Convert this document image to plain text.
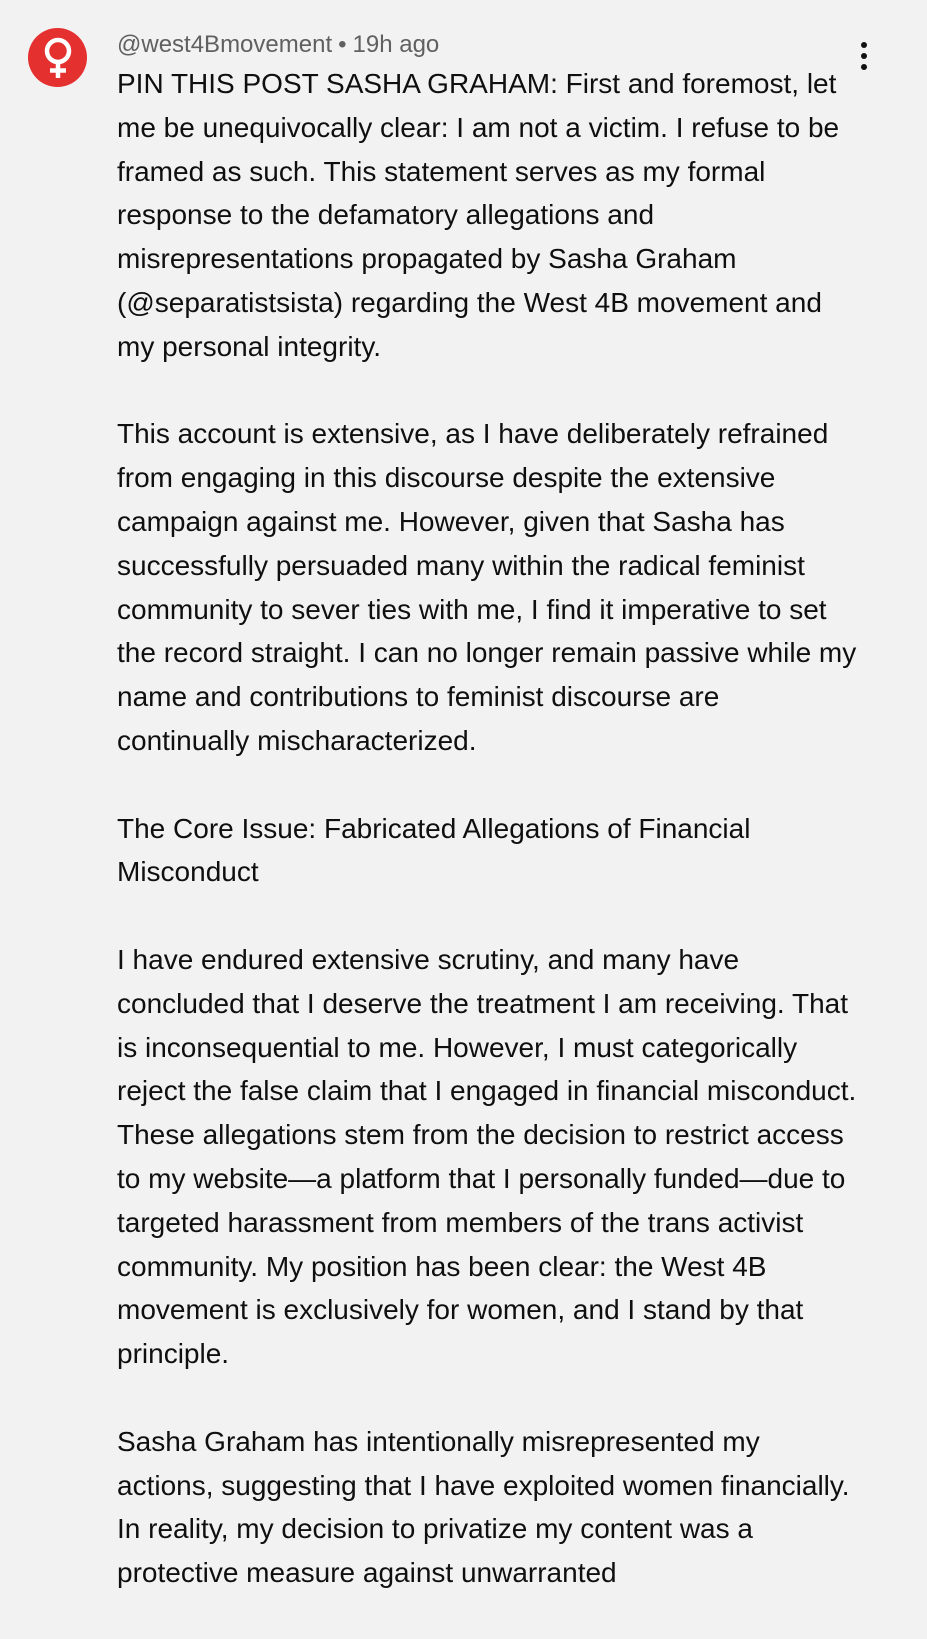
@west4Bmovement • 19h ago

PIN THIS POST SASHA GRAHAM: First and foremost, let me be unequivocally clear: I am not a victim. I refuse to be framed as such. This statement serves as my formal response to the defamatory allegations and misrepresentations propagated by Sasha Graham (@separatistsista) regarding the West 4B movement and my personal integrity.

This account is extensive, as I have deliberately refrained from engaging in this discourse despite the extensive campaign against me. However, given that Sasha has successfully persuaded many within the radical feminist community to sever ties with me, I find it imperative to set the record straight. I can no longer remain passive while my name and contributions to feminist discourse are continually mischaracterized.

The Core Issue: Fabricated Allegations of Financial Misconduct

I have endured extensive scrutiny, and many have concluded that I deserve the treatment I am receiving. That is inconsequential to me. However, I must categorically reject the false claim that I engaged in financial misconduct. These allegations stem from the decision to restrict access to my website—a platform that I personally funded—due to targeted harassment from members of the trans activist community. My position has been clear: the West 4B movement is exclusively for women, and I stand by that principle.

Sasha Graham has intentionally misrepresented my actions, suggesting that I have exploited women financially. In reality, my decision to privatize my content was a protective measure against unwarranted
